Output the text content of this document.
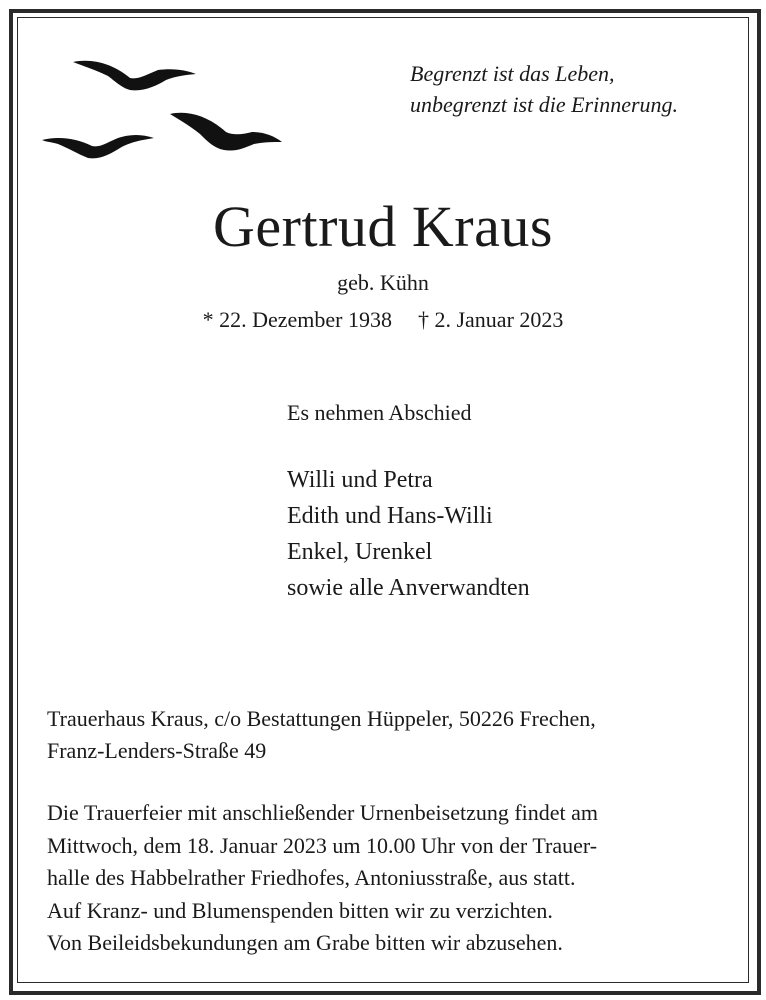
Begrenzt ist das Leben,
unbegrenzt ist die Erinnerung.
Gertrud Kraus
geb. Kühn
* 22. Dezember 1938 † 2. Januar 2023
Es nehmen Abschied
Willi und Petra
Edith und Hans-Willi
Enkel, Urenkel
sowie alle Anverwandten
Trauerhaus Kraus, c/o Bestattungen Hüppeler, 50226 Frechen,
Franz-Lenders-Straße 49
Die Trauerfeier mit anschließender Urnenbeisetzung findet am
Mittwoch, dem 18. Januar 2023 um 10.00 Uhr von der Trauer-
halle des Habbelrather Friedhofes, Antoniusstraße, aus statt.
Auf Kranz- und Blumenspenden bitten wir zu verzichten.
Von Beileidsbekundungen am Grabe bitten wir abzusehen.
